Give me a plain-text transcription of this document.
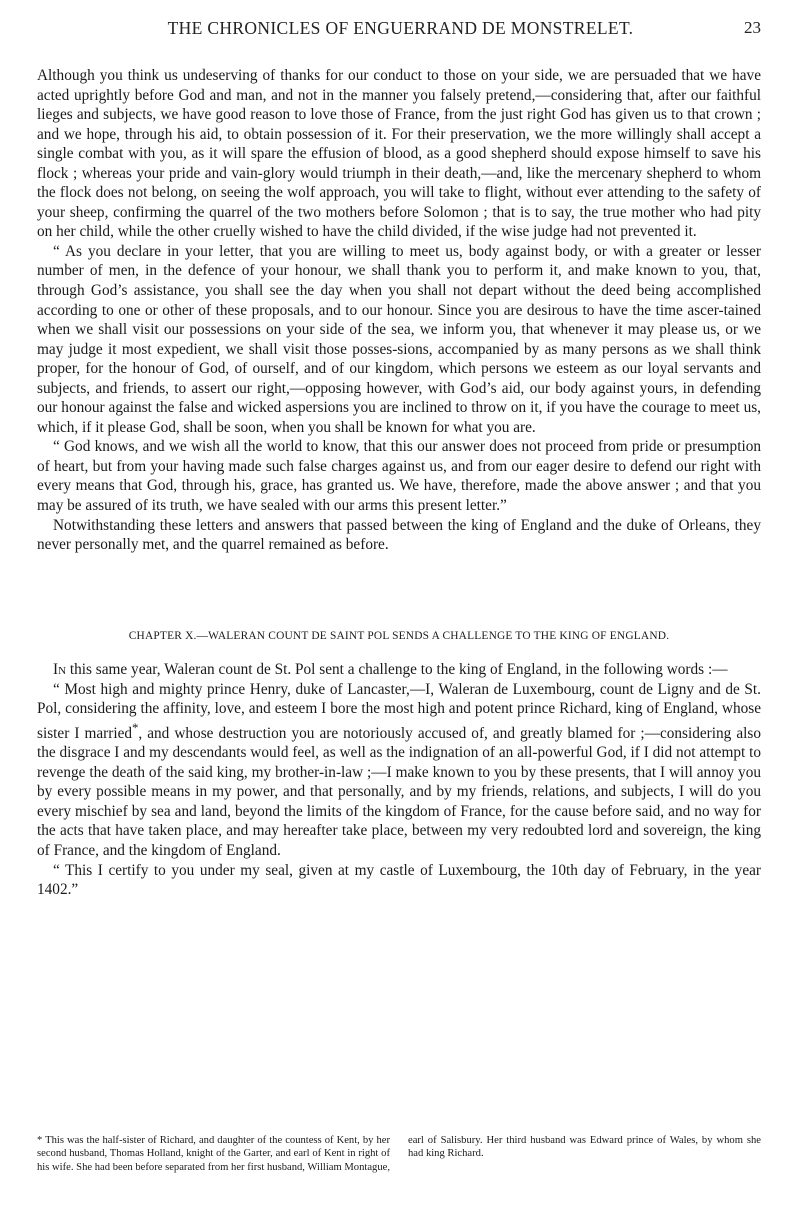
THE CHRONICLES OF ENGUERRAND DE MONSTRELET.	23

Although you think us undeserving of thanks for our conduct to those on your side, we are persuaded that we have acted uprightly before God and man, and not in the manner you falsely pretend,—considering that, after our faithful lieges and subjects, we have good reason to love those of France, from the just right God has given us to that crown ; and we hope, through his aid, to obtain possession of it. For their preservation, we the more willingly shall accept a single combat with you, as it will spare the effusion of blood, as a good shepherd should expose himself to save his flock ; whereas your pride and vain-glory would triumph in their death,—and, like the mercenary shepherd to whom the flock does not belong, on seeing the wolf approach, you will take to flight, without ever attending to the safety of your sheep, confirming the quarrel of the two mothers before Solomon ; that is to say, the true mother who had pity on her child, while the other cruelly wished to have the child divided, if the wise judge had not prevented it.

“ As you declare in your letter, that you are willing to meet us, body against body, or with a greater or lesser number of men, in the defence of your honour, we shall thank you to perform it, and make known to you, that, through God’s assistance, you shall see the day when you shall not depart without the deed being accomplished according to one or other of these proposals, and to our honour. Since you are desirous to have the time ascer-tained when we shall visit our possessions on your side of the sea, we inform you, that whenever it may please us, or we may judge it most expedient, we shall visit those posses-sions, accompanied by as many persons as we shall think proper, for the honour of God, of ourself, and of our kingdom, which persons we esteem as our loyal servants and subjects, and friends, to assert our right,—opposing however, with God’s aid, our body against yours, in defending our honour against the false and wicked aspersions you are inclined to throw on it, if you have the courage to meet us, which, if it please God, shall be soon, when you shall be known for what you are.

“ God knows, and we wish all the world to know, that this our answer does not proceed from pride or presumption of heart, but from your having made such false charges against us, and from our eager desire to defend our right with every means that God, through his, grace, has granted us. We have, therefore, made the above answer ; and that you may be assured of its truth, we have sealed with our arms this present letter.”

Notwithstanding these letters and answers that passed between the king of England and the duke of Orleans, they never personally met, and the quarrel remained as before.

CHAPTER X.—WALERAN COUNT DE SAINT POL SENDS A CHALLENGE TO THE KING OF ENGLAND.

In this same year, Waleran count de St. Pol sent a challenge to the king of England, in the following words :—

“ Most high and mighty prince Henry, duke of Lancaster,—I, Waleran de Luxembourg, count de Ligny and de St. Pol, considering the affinity, love, and esteem I bore the most high and potent prince Richard, king of England, whose sister I married*, and whose destruction you are notoriously accused of, and greatly blamed for ;—considering also the disgrace I and my descendants would feel, as well as the indignation of an all-powerful God, if I did not attempt to revenge the death of the said king, my brother-in-law ;—I make known to you by these presents, that I will annoy you by every possible means in my power, and that personally, and by my friends, relations, and subjects, I will do you every mischief by sea and land, beyond the limits of the kingdom of France, for the cause before said, and no way for the acts that have taken place, and may hereafter take place, between my very redoubted lord and sovereign, the king of France, and the kingdom of England.

“ This I certify to you under my seal, given at my castle of Luxembourg, the 10th day of February, in the year 1402.”

* This was the half-sister of Richard, and daughter of the countess of Kent, by her second husband, Thomas Holland, knight of the Garter, and earl of Kent in right of his wife. She had been before separated from her first husband, William Montague, earl of Salisbury. Her third husband was Edward prince of Wales, by whom she had king Richard.
